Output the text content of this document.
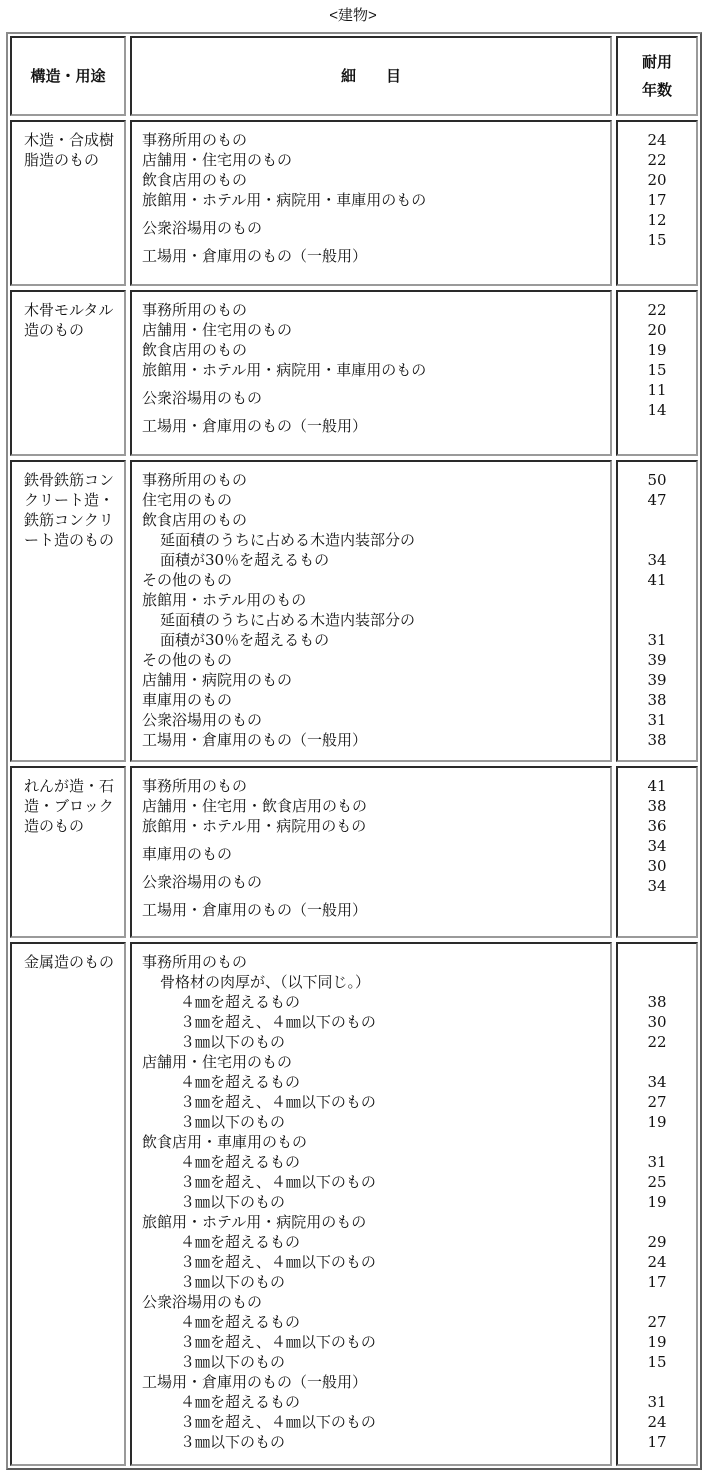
<建物>
構造・用途	細　　目
耐用
年数
木造・合成樹脂造のもの
事務所用のもの
店舗用・住宅用のもの
飲食店用のもの
旅館用・ホテル用・病院用・車庫用のもの
公衆浴場用のもの
工場用・倉庫用のもの（一般用）
24
22
20
17
12
15
木骨モルタル造のもの
事務所用のもの
店舗用・住宅用のもの
飲食店用のもの
旅館用・ホテル用・病院用・車庫用のもの
公衆浴場用のもの
工場用・倉庫用のもの（一般用）
22
20
19
15
11
14
鉄骨鉄筋コンクリート造・鉄筋コンクリート造のもの
事務所用のもの
住宅用のもの
飲食店用のもの
延面積のうちに占める木造内装部分の
面積が30％を超えるもの
その他のもの
旅館用・ホテル用のもの
延面積のうちに占める木造内装部分の
面積が30％を超えるもの
その他のもの
店舗用・病院用のもの
車庫用のもの
公衆浴場用のもの
工場用・倉庫用のもの（一般用）
50
47
34
41
31
39
39
38
31
38
れんが造・石造・ブロック造のもの
事務所用のもの
店舗用・住宅用・飲食店用のもの
旅館用・ホテル用・病院用のもの
車庫用のもの
公衆浴場用のもの
工場用・倉庫用のもの（一般用）
41
38
36
34
30
34
金属造のもの	事務所用のもの
骨格材の肉厚が、（以下同じ。）
４㎜を超えるもの
３㎜を超え、４㎜以下のもの
３㎜以下のもの
店舗用・住宅用のもの
４㎜を超えるもの
３㎜を超え、４㎜以下のもの
３㎜以下のもの
飲食店用・車庫用のもの
４㎜を超えるもの
３㎜を超え、４㎜以下のもの
３㎜以下のもの
旅館用・ホテル用・病院用のもの
４㎜を超えるもの
３㎜を超え、４㎜以下のもの
３㎜以下のもの
公衆浴場用のもの
４㎜を超えるもの
３㎜を超え、４㎜以下のもの
３㎜以下のもの
工場用・倉庫用のもの（一般用）
４㎜を超えるもの
３㎜を超え、４㎜以下のもの
３㎜以下のもの
38
30
22
34
27
19
31
25
19
29
24
17
27
19
15
31
24
17
